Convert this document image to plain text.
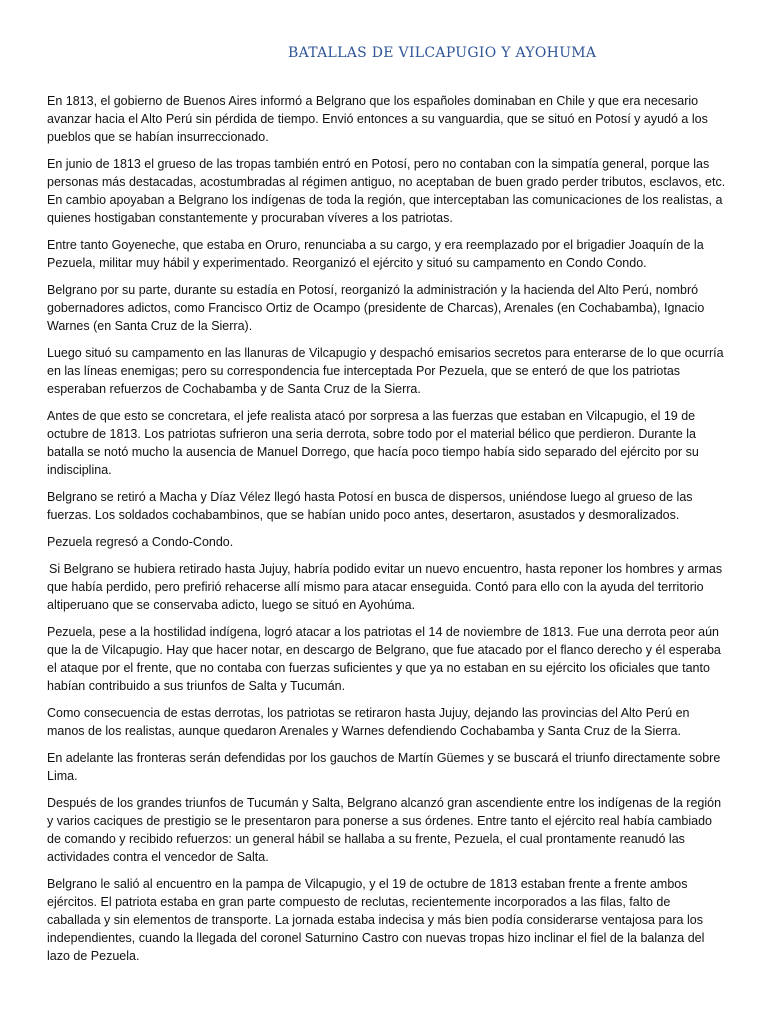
BATALLAS DE VILCAPUGIO Y AYOHUMA

En 1813, el gobierno de Buenos Aires informó a Belgrano que los españoles dominaban en Chile y que era necesario avanzar hacia el Alto Perú sin pérdida de tiempo. Envió entonces a su vanguardia, que se situó en Potosí y ayudó a los pueblos que se habían insurreccionado.

En junio de 1813 el grueso de las tropas también entró en Potosí, pero no contaban con la simpatía general, porque las personas más destacadas, acostumbradas al régimen antiguo, no aceptaban de buen grado perder tributos, esclavos, etc. En cambio apoyaban a Belgrano los indígenas de toda la región, que interceptaban las comunicaciones de los realistas, a quienes hostigaban constantemente y procuraban víveres a los patriotas.

Entre tanto Goyeneche, que estaba en Oruro, renunciaba a su cargo, y era reemplazado por el brigadier Joaquín de la Pezuela, militar muy hábil y experimentado. Reorganizó el ejército y situó su campamento en Condo Condo.

Belgrano por su parte, durante su estadía en Potosí, reorganizó la administración y la hacienda del Alto Perú, nombró gobernadores adictos, como Francisco Ortiz de Ocampo (presidente de Charcas), Arenales (en Cochabamba), Ignacio Warnes (en Santa Cruz de la Sierra).

Luego situó su campamento en las llanuras de Vilcapugio y despachó emisarios secretos para enterarse de lo que ocurría en las líneas enemigas; pero su correspondencia fue interceptada Por Pezuela, que se enteró de que los patriotas esperaban refuerzos de Cochabamba y de Santa Cruz de la Sierra.

Antes de que esto se concretara, el jefe realista atacó por sorpresa a las fuerzas que estaban en Vilcapugio, el 19 de octubre de 1813. Los patriotas sufrieron una seria derrota, sobre todo por el material bélico que perdieron. Durante la batalla se notó mucho la ausencia de Manuel Dorrego, que hacía poco tiempo había sido separado del ejército por su indisciplina.

Belgrano se retiró a Macha y Díaz Vélez llegó hasta Potosí en busca de dispersos, uniéndose luego al grueso de las fuerzas. Los soldados cochabambinos, que se habían unido poco antes, desertaron, asustados y desmoralizados.

Pezuela regresó a Condo-Condo.

Si Belgrano se hubiera retirado hasta Jujuy, habría podido evitar un nuevo encuentro, hasta reponer los hombres y armas que había perdido, pero prefirió rehacerse allí mismo para atacar enseguida. Contó para ello con la ayuda del territorio altiperuano que se conservaba adicto, luego se situó en Ayohúma.

Pezuela, pese a la hostilidad indígena, logró atacar a los patriotas el 14 de noviembre de 1813. Fue una derrota peor aún que la de Vilcapugio. Hay que hacer notar, en descargo de Belgrano, que fue atacado por el flanco derecho y él esperaba el ataque por el frente, que no contaba con fuerzas suficientes y que ya no estaban en su ejército los oficiales que tanto habían contribuido a sus triunfos de Salta y Tucumán.

Como consecuencia de estas derrotas, los patriotas se retiraron hasta Jujuy, dejando las provincias del Alto Perú en manos de los realistas, aunque quedaron Arenales y Warnes defendiendo Cochabamba y Santa Cruz de la Sierra.

En adelante las fronteras serán defendidas por los gauchos de Martín Güemes y se buscará el triunfo directamente sobre Lima.

Después de los grandes triunfos de Tucumán y Salta, Belgrano alcanzó gran ascendiente entre los indígenas de la región y varios caciques de prestigio se le presentaron para ponerse a sus órdenes. Entre tanto el ejército real había cambiado de comando y recibido refuerzos: un general hábil se hallaba a su frente, Pezuela, el cual prontamente reanudó las actividades contra el vencedor de Salta.

Belgrano le salió al encuentro en la pampa de Vilcapugio, y el 19 de octubre de 1813 estaban frente a frente ambos ejércitos. El patriota estaba en gran parte compuesto de reclutas, recientemente incorporados a las filas, falto de caballada y sin elementos de transporte. La jornada estaba indecisa y más bien podía considerarse ventajosa para los independientes, cuando la llegada del coronel Saturnino Castro con nuevas tropas hizo inclinar el fiel de la balanza del lazo de Pezuela.
